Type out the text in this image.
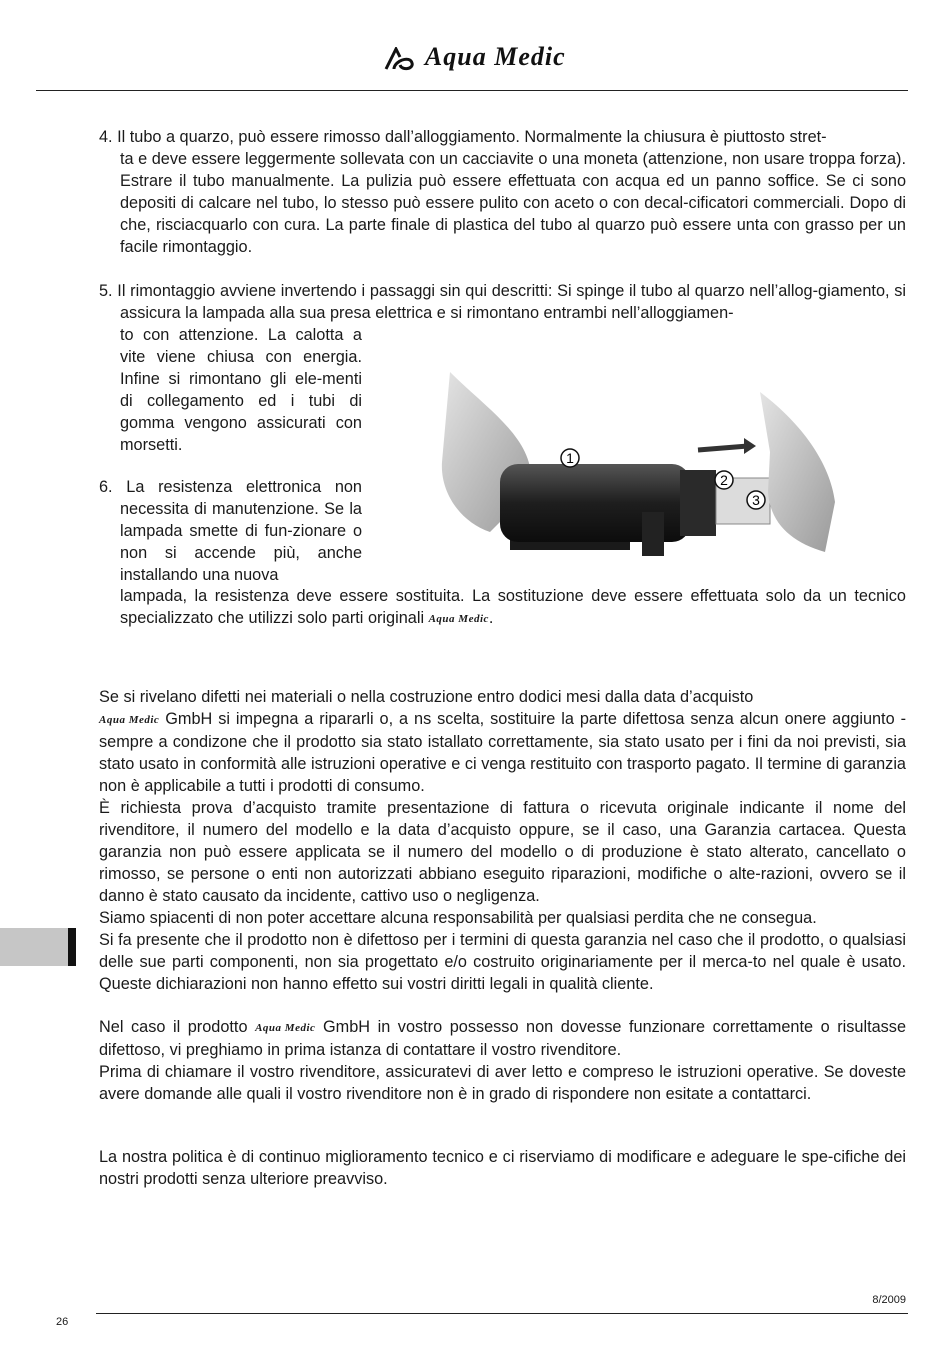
Aqua Medic
4. Il tubo a quarzo, può essere rimosso dall’alloggiamento. Normalmente la chiusura è piuttosto stret-
ta e deve essere leggermente sollevata con un cacciavite o una moneta (attenzione, non usare troppa forza). Estrare il tubo manualmente. La pulizia può essere effettuata con acqua ed un panno soffice. Se ci sono depositi di calcare nel tubo, lo stesso può essere pulito con aceto o con decal-cificatori commerciali. Dopo di che, risciacquarlo con cura. La parte finale di plastica del tubo al quarzo può essere unta con grasso per un facile rimontaggio.
5. Il rimontaggio avviene invertendo i passaggi sin qui descritti: Si spinge il tubo al quarzo nell’allog-giamento, si assicura la lampada alla sua presa elettrica e si rimontano entrambi nell’alloggiamen-
to con attenzione. La calotta a vite viene chiusa con energia. Infine si rimontano gli ele-menti di collegamento ed i tubi di gomma vengono assicurati con morsetti.
6. La resistenza elettronica non necessita di manutenzione. Se la lampada smette di fun-zionare o non si accende più, anche installando una nuova
lampada, la resistenza deve essere sostituita. La sostituzione deve essere effettuata solo da un tecnico specializzato che utilizzi solo parti originali Aqua Medic.
1
2
3
Se si rivelano difetti nei materiali o nella costruzione entro dodici mesi dalla data d’acquisto
Aqua Medic GmbH si impegna a ripararli o, a ns scelta, sostituire la parte difettosa senza alcun onere aggiunto - sempre a condizone che il prodotto sia stato istallato correttamente, sia stato usato per i fini da noi previsti, sia stato usato in conformità alle istruzioni operative e ci venga restituito con trasporto pagato. Il termine di garanzia non è applicabile a tutti i prodotti di consumo.
È richiesta prova d’acquisto tramite presentazione di fattura o ricevuta originale indicante il nome del rivenditore, il numero del modello e la data d’acquisto oppure, se il caso, una Garanzia cartacea. Questa garanzia non può essere applicata se il numero del modello o di produzione è stato alterato, cancellato o rimosso, se persone o enti non autorizzati abbiano eseguito riparazioni, modifiche o alte-razioni, ovvero se il danno è stato causato da incidente, cattivo uso o negligenza.
Siamo spiacenti di non poter accettare alcuna responsabilità per qualsiasi perdita che ne consegua.
Si fa presente che il prodotto non è difettoso per i termini di questa garanzia nel caso che il prodotto, o qualsiasi delle sue parti componenti, non sia progettato e/o costruito originariamente per il merca-to nel quale è usato. Queste dichiarazioni non hanno effetto sui vostri diritti legali in qualità cliente.
Nel caso il prodotto Aqua Medic GmbH in vostro possesso non dovesse funzionare correttamente o risultasse difettoso, vi preghiamo in prima istanza di contattare il vostro rivenditore.
Prima di chiamare il vostro rivenditore, assicuratevi di aver letto e compreso le istruzioni operative. Se doveste avere domande alle quali il vostro rivenditore non è in grado di rispondere non esitate a contattarci.
La nostra politica è di continuo miglioramento tecnico e ci riserviamo di modificare e adeguare le spe-cifiche dei nostri prodotti senza ulteriore preavviso.
8/2009
26
